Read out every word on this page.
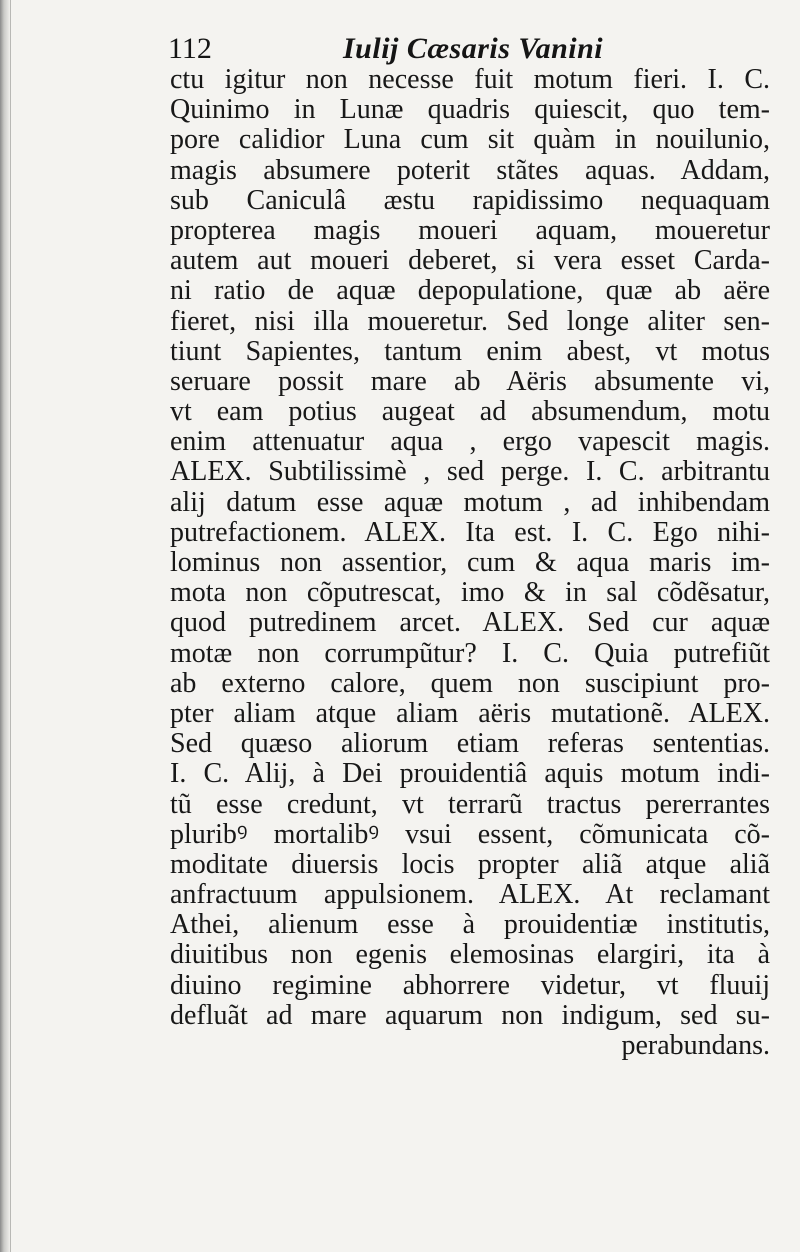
112	Iulij Cæsaris Vanini
ctu igitur non necesse fuit motum fieri. I. C.
Quinimo in Lunæ quadris quiescit, quo tem-
pore calidior Luna cum sit quàm in nouilunio,
magis absumere poterit stãtes aquas. Addam,
sub Caniculâ æstu rapidissimo nequaquam
propterea magis moueri aquam, moueretur
autem aut moueri deberet, si vera esset Carda-
ni ratio de aquæ depopulatione, quæ ab aëre
fieret, nisi illa moueretur. Sed longe aliter sen-
tiunt Sapientes, tantum enim abest, vt motus
seruare possit mare ab Aëris absumente vi,
vt eam potius augeat ad absumendum, motu
enim attenuatur aqua , ergo vapescit magis.
ALEX. Subtilissimè , sed perge. I. C. arbitrantu
alij datum esse aquæ motum , ad inhibendam
putrefactionem. ALEX. Ita est. I. C. Ego nihi-
lominus non assentior, cum & aqua maris im-
mota non cõputrescat, imo & in sal cõdẽsatur,
quod putredinem arcet. ALEX. Sed cur aquæ
motæ non corrumpũtur? I. C. Quia putrefiũt
ab externo calore, quem non suscipiunt pro-
pter aliam atque aliam aëris mutationẽ. ALEX.
Sed quæso aliorum etiam referas sententias.
I. C. Alij, à Dei prouidentiâ aquis motum indi-
tũ esse credunt, vt terrarũ tractus pererrantes
pluribꝰ mortalibꝰ vsui essent, cõmunicata cõ-
moditate diuersis locis propter aliã atque aliã
anfractuum appulsionem. ALEX. At reclamant
Athei, alienum esse à prouidentiæ institutis,
diuitibus non egenis elemosinas elargiri, ita à
diuino regimine abhorrere videtur, vt fluuij
defluãt ad mare aquarum non indigum, sed su-
perabundans.
